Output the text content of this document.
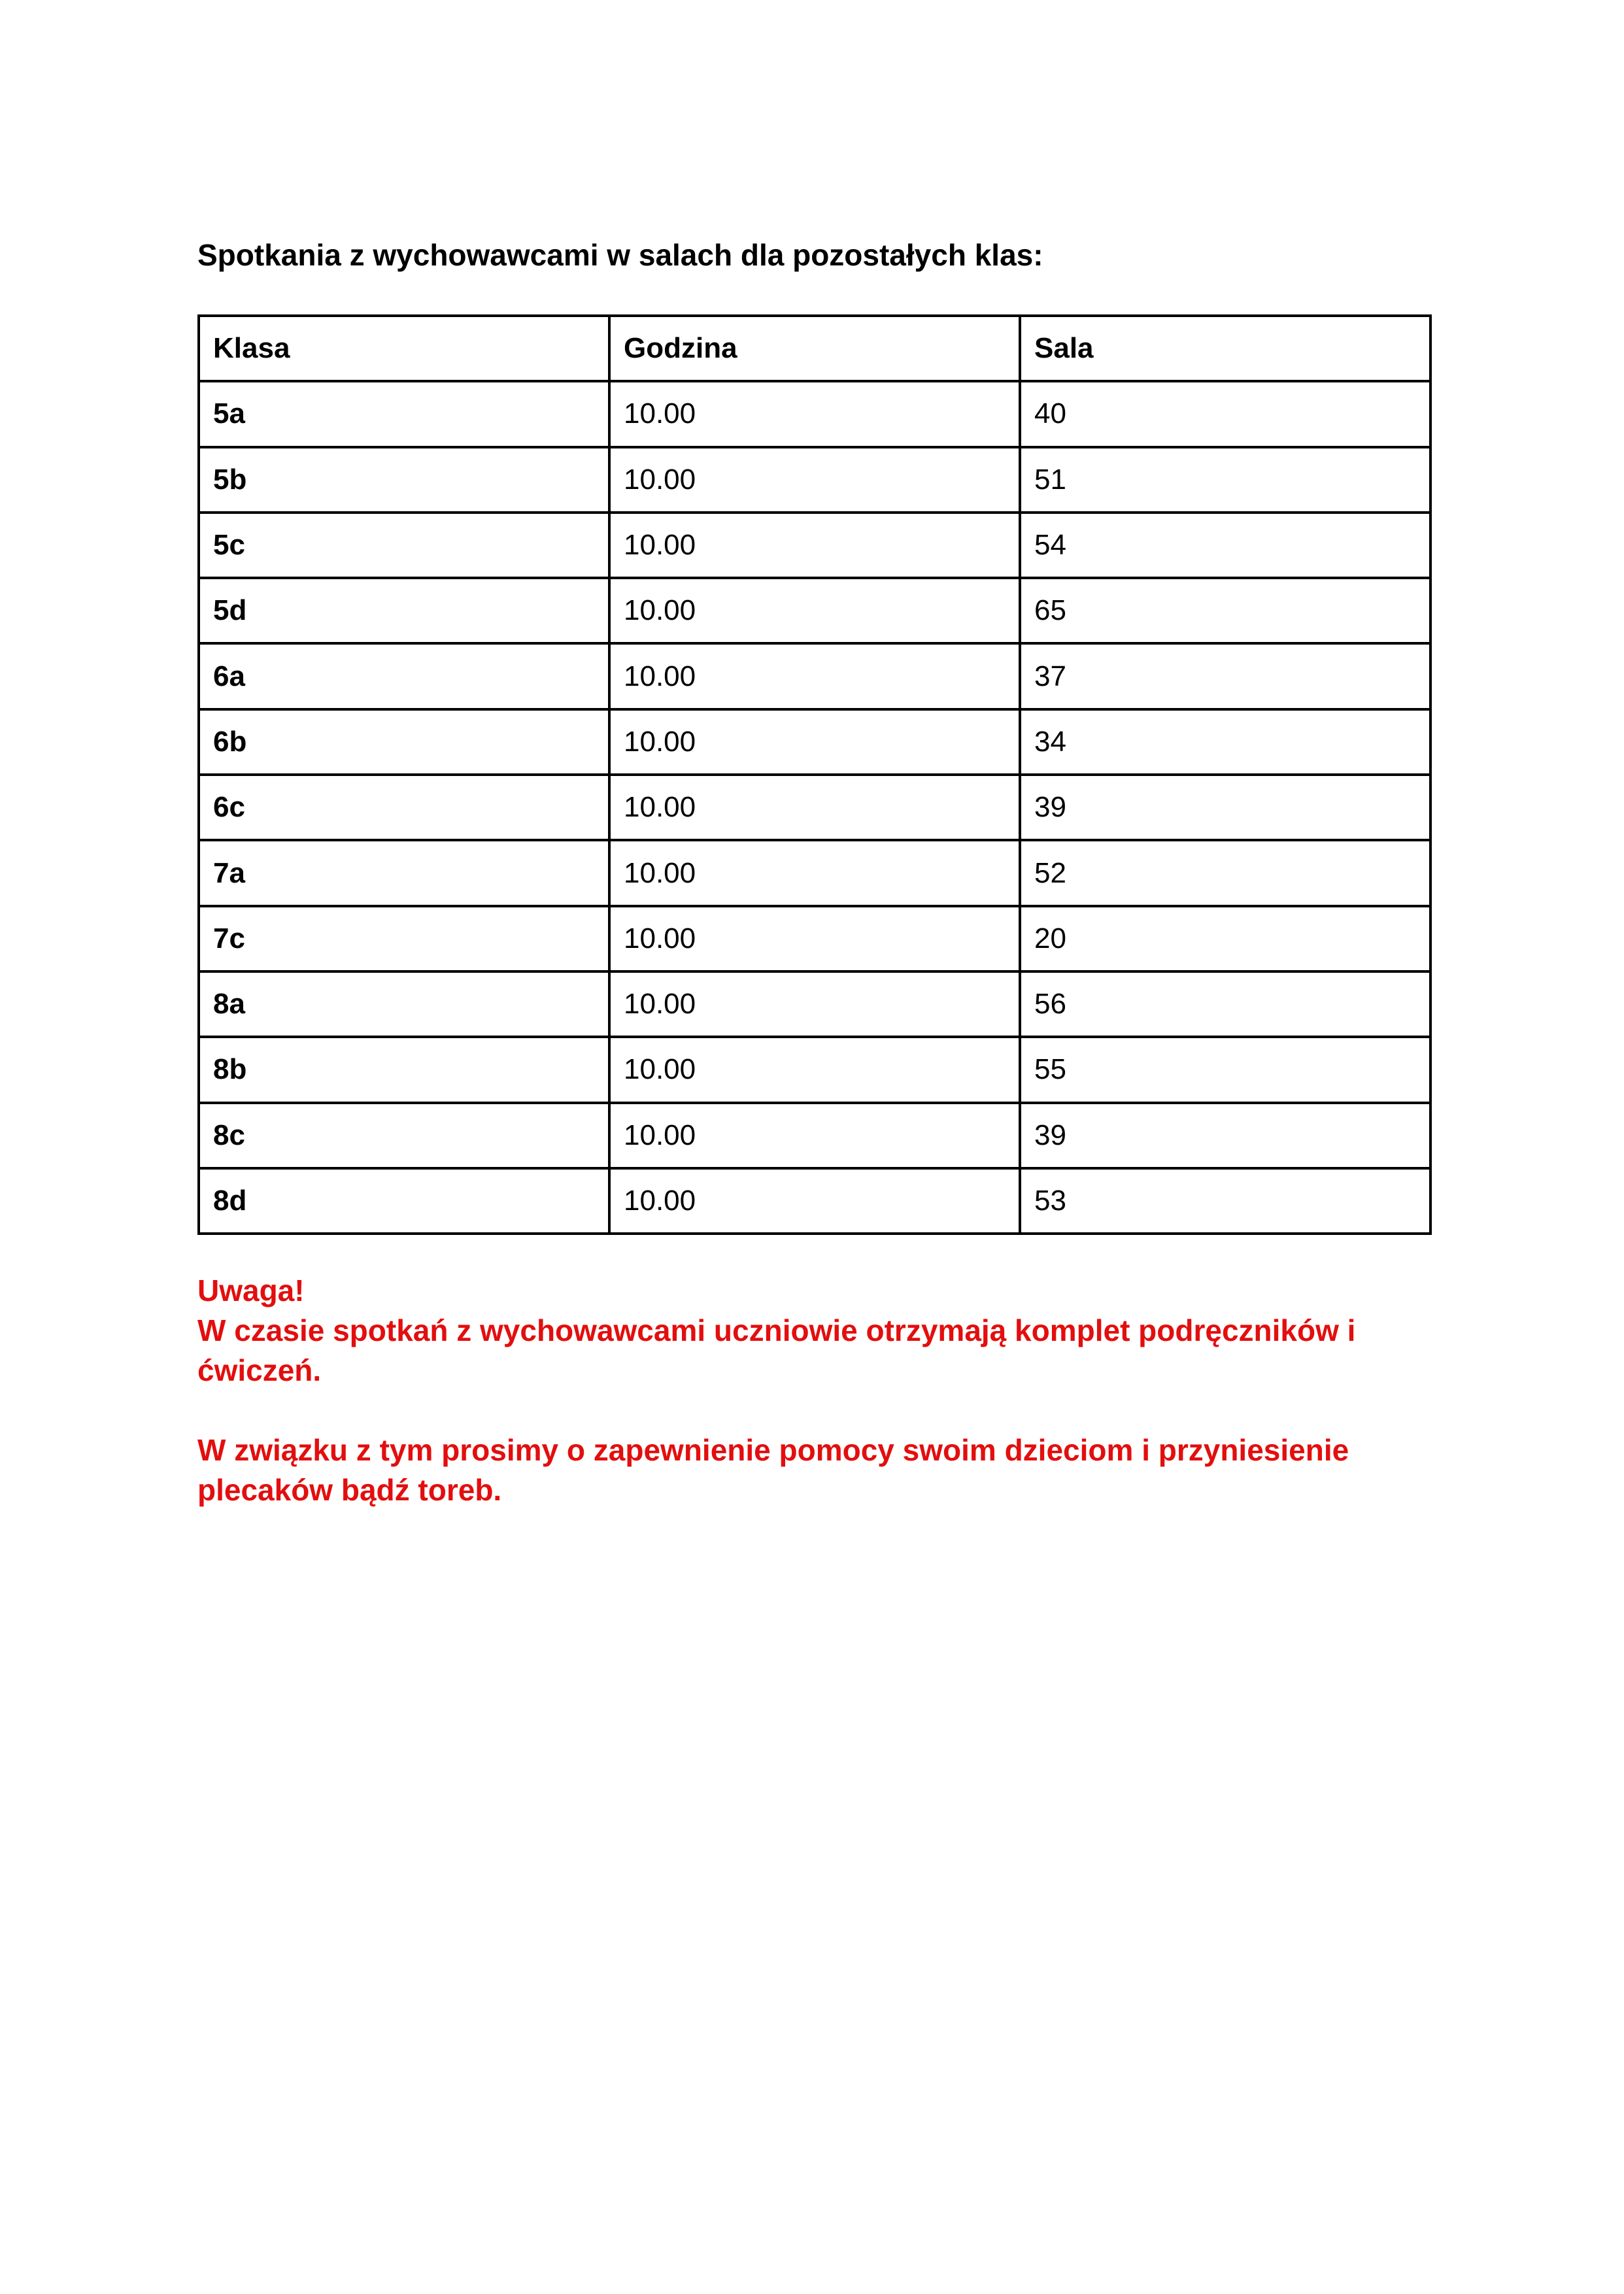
Spotkania z wychowawcami w salach dla pozostałych klas:
Klasa	Godzina	Sala
5a	10.00	40
5b	10.00	51
5c	10.00	54
5d	10.00	65
6a	10.00	37
6b	10.00	34
6c	10.00	39
7a	10.00	52
7c	10.00	20
8a	10.00	56
8b	10.00	55
8c	10.00	39
8d	10.00	53

Uwaga!

W czasie spotkań z wychowawcami uczniowie otrzymają komplet podręczników i

ćwiczeń.

W związku z tym prosimy o zapewnienie pomocy swoim dzieciom i przyniesienie

plecaków bądź toreb.
